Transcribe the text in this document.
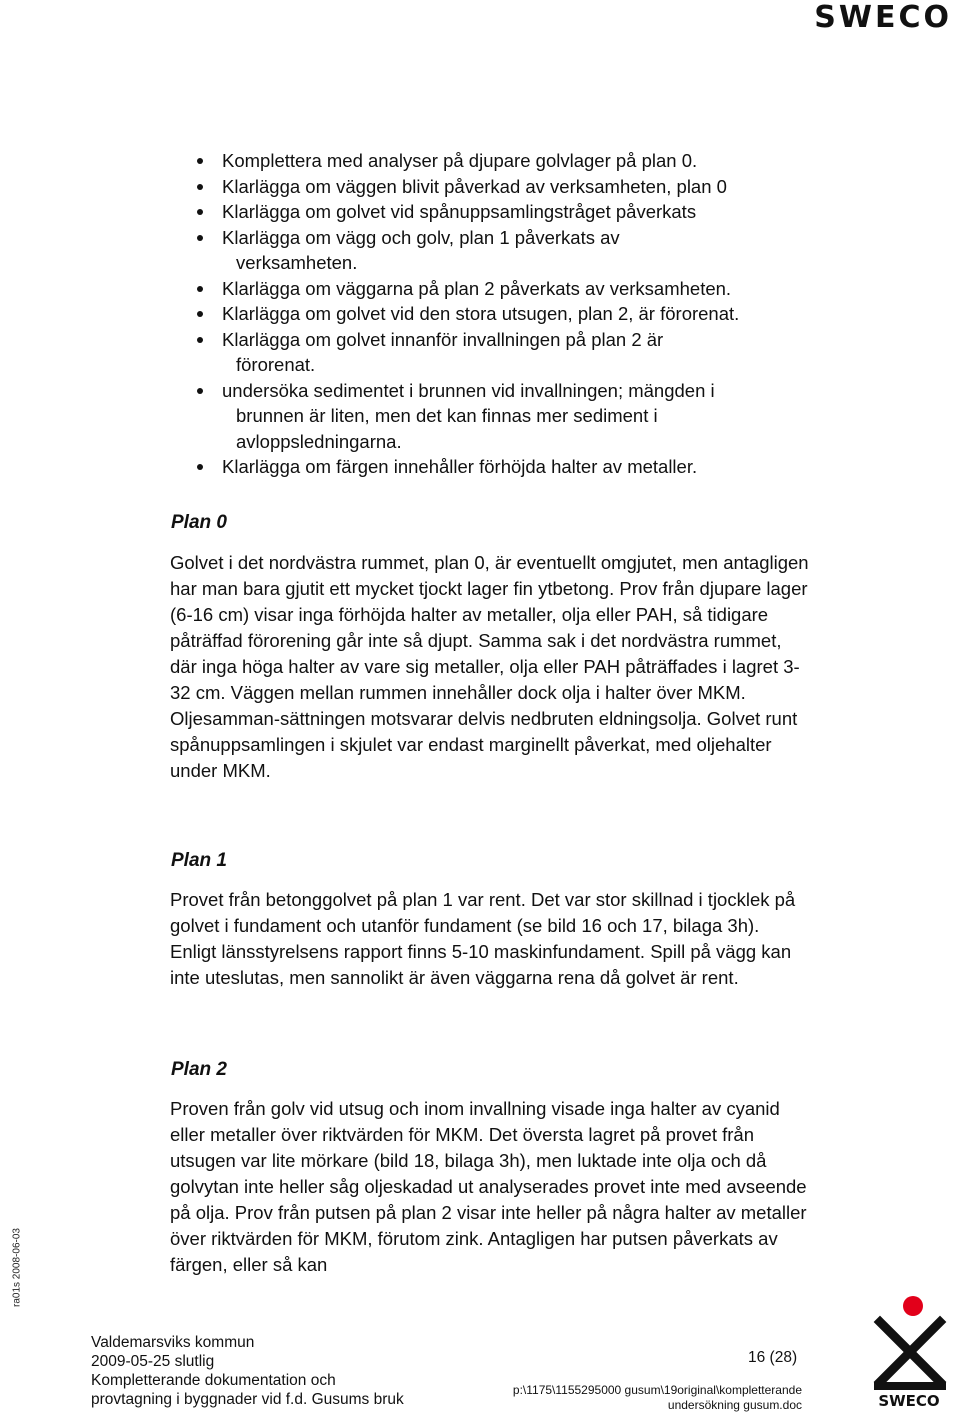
SWECO
Komplettera med analyser på djupare golvlager på plan 0.
Klarlägga om väggen blivit påverkad av verksamheten, plan 0
Klarlägga om golvet vid spånuppsamlingstråget påverkats
Klarlägga om vägg och golv, plan 1 påverkats av
verksamheten.
Klarlägga om väggarna på plan 2 påverkats av verksamheten.
Klarlägga om golvet vid den stora utsugen, plan 2, är förorenat.
Klarlägga om golvet innanför invallningen på plan 2 är
förorenat.
undersöka sedimentet i brunnen vid invallningen; mängden i
brunnen är liten, men det kan finnas mer sediment i
avloppsledningarna.
Klarlägga om färgen innehåller förhöjda halter av metaller.
Plan 0

Golvet i det nordvästra rummet, plan 0, är eventuellt omgjutet, men antagligen har man bara gjutit ett mycket tjockt lager fin ytbetong. Prov från djupare lager (6-16 cm) visar inga förhöjda halter av metaller, olja eller PAH, så tidigare påträffad förorening går inte så djupt. Samma sak i det nordvästra rummet, där inga höga halter av vare sig metaller, olja eller PAH påträffades i lagret 3-32 cm. Väggen mellan rummen innehåller dock olja i halter över MKM. Oljesamman-sättningen motsvarar delvis nedbruten eldningsolja. Golvet runt spånuppsamlingen i skjulet var endast marginellt påverkat, med oljehalter under MKM.

Plan 1

Provet från betonggolvet på plan 1 var rent. Det var stor skillnad i tjocklek på golvet i fundament och utanför fundament (se bild 16 och 17, bilaga 3h). Enligt länsstyrelsens rapport finns 5-10 maskinfundament. Spill på vägg kan inte uteslutas, men sannolikt är även väggarna rena då golvet är rent.

Plan 2

Proven från golv vid utsug och inom invallning visade inga halter av cyanid eller metaller över riktvärden för MKM. Det översta lagret på provet från utsugen var lite mörkare (bild 18, bilaga 3h), men luktade inte olja och då golvytan inte heller såg oljeskadad ut analyserades provet inte med avseende på olja. Prov från putsen på plan 2 visar inte heller på några halter av metaller över riktvärden för MKM, förutom zink. Antagligen har putsen påverkats av färgen, eller så kan

ra01s 2008-06-03
Valdemarsviks kommun
2009-05-25 slutlig
Kompletterande dokumentation och
provtagning i byggnader vid f.d. Gusums bruk
16 (28)
p:\1175\1155295000 gusum\19original\kompletterande
undersökning gusum.doc	SWECO
